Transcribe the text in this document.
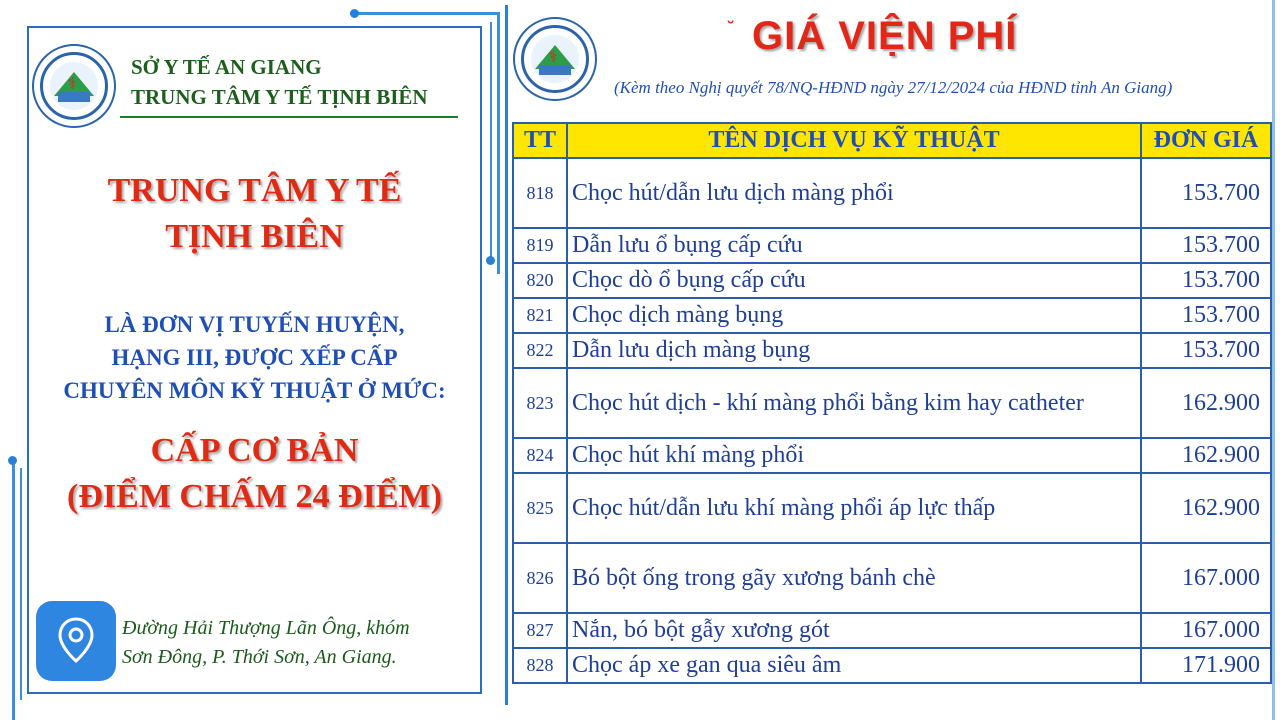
⚕
SỞ Y TẾ AN GIANG
TRUNG TÂM Y TẾ TỊNH BIÊN
TRUNG TÂM Y TẾ
TỊNH BIÊN
LÀ ĐƠN VỊ TUYẾN HUYỆN,
HẠNG III, ĐƯỢC XẾP CẤP
CHUYÊN MÔN KỸ THUẬT Ở MỨC:
CẤP CƠ BẢN
(ĐIỂM CHẤM 24 ĐIỂM)
Đường Hải Thượng Lãn Ông, khóm
Sơn Đông, P. Thới Sơn, An Giang.
⚕
˘ GIÁ VIỆN PHÍ
(Kèm theo Nghị quyết 78/NQ-HĐND ngày 27/12/2024 của HĐND tỉnh An Giang)
TT	TÊN DỊCH VỤ KỸ THUẬT	ĐƠN GIÁ
818	Chọc hút/dẫn lưu dịch màng phổi	153.700
819	Dẫn lưu ổ bụng cấp cứu	153.700
820	Chọc dò ổ bụng cấp cứu	153.700
821	Chọc dịch màng bụng	153.700
822	Dẫn lưu dịch màng bụng	153.700
823	Chọc hút dịch - khí màng phổi bằng kim hay catheter	162.900
824	Chọc hút khí màng phổi	162.900
825	Chọc hút/dẫn lưu khí màng phổi áp lực thấp	162.900
826	Bó bột ống trong gãy xương bánh chè	167.000
827	Nắn, bó bột gẫy xương gót	167.000
828	Chọc áp xe gan qua siêu âm	171.900
